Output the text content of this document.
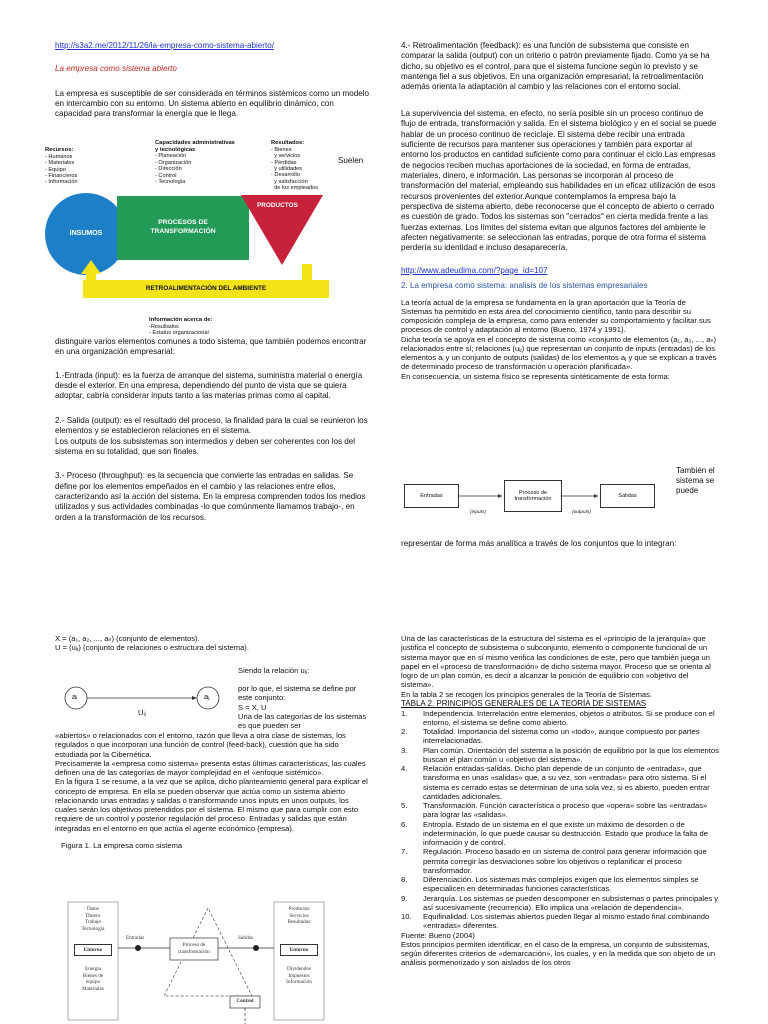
http://s3a2.me/2012/11/26/la-empresa-como-sistema-abierto/

La empresa como sistema abierto

La empresa es susceptible de ser considerada en términos sistémicos como un modelo en intercambio con su entorno. Un sistema abierto en equilibrio dinámico, con capacidad para transformar la energía que le llega.

Recursos:
- Humanos
- Materiales
- Equipo
- Financieros
- Información
Capacidades administrativas y tecnológicas
- Planeación
- Organización
- Dirección
- Control
- Tecnología
Resultados:
- Bienes
y servicios
- Pérdidas
y utilidades
- Desarrollo
y satisfacción
de los empleados
INSUMOS
PROCESOS DE
TRANSFORMACIÓN
PRODUCTOS
RETROALIMENTACIÓN DEL AMBIENTE
Información acerca de:
-Resultados
- Estatus organizacional
Suelen

distinguire varios elementos comunes a todo sistema, que también podemos encontrar en una organización empresarial:

1.-Entrada (input): es la fuerza de arranque del sistema, suministra material o energía desde el exterior. En una empresa, dependiendo del punto de vista que se quiera adoptar, cabría considerar inputs tanto a las materias primas como al capital.

2.- Salida (output): es el resultado del proceso, la finalidad para la cual se reunieron los elementos y se establecieron relaciones en el sistema.

Los outputs de los subsistemas son intermedios y deben ser coherentes con los del sistema en su totalidad, que son finales.

3.- Proceso (throughput): es la secuencia que convierte las entradas en salidas. Se define por los elementos empeñados en el cambio y las relaciones entre ellos, caracterizando así la acción del sistema. En la empresa comprenden todos los medios utilizados y sus actividades combinadas -lo que comúnmente llamamos trabajo-, en orden a la transformación de los recursos.

4.- Retroalimentación (feedback): es una función de subsistema que consiste en comparar la salida (output) con un criterio o patrón previamente fijado. Como ya se ha dicho, su objetivo es el control, para que el sistema funcione según lo previsto y se mantenga fiel a sus objetivos. En una organización empresarial, la retroalimentación además orienta la adaptación al cambio y las relaciones con el entorno social.

La supervivencia del sistema, en efecto, no sería posible sin un proceso continuo de flujo de entrada, transformación y salida. En el sistema biológico y en el social se puede hablar de un proceso continuo de reciclaje. El sistema debe recibir una entrada suficiente de recursos para mantener sus operaciones y también para exportar al entorno los productos en cantidad suficiente como para continuar el ciclo.Las empresas de negocios reciben muchas aportaciones de la sociedad, en forma de entradas, materiales, dinero, e información. Las personas se incorporan al proceso de transformación del material, empleando sus habilidades en un eficaz utilización de esos recursos provenientes del exterior.Aunque contemplamos la empresa bajo la perspectiva de sistema abierto, debe reconocerse que el concepto de abierto o cerrado es cuestión de grado. Todos los sistemas son "cerrados" en cierta medida frente a las fuerzas externas. Los límites del sistema evitan que algunos factores del ambiente le afecten negativamente: se seleccionan las entradas, porque de otra forma el sistema perdería su identidad e incluso desaparecería.

http://www.adeudima.com/?page_id=107

2. La empresa como sistema: analisis de los sistemas empresariales

La teoría actual de la empresa se fundamenta en la gran aportación que la Teoría de Sistemas ha permitido en esta área del conocimiento científico, tanto para describir su composición compleja de la empresa, como para entender su comportamiento y facilitar sus procesos de control y adaptación al entorno (Bueno, 1974 y 1991).
Dicha teoría se apoya en el concepto de sistema como «conjunto de elementos (a₁, a₂, ..., aₙ) relacionados entre sí; relaciones (uᵢⱼ) que representan un conjunto de inputs (entradas) de los elementos aᵢ y un conjunto de outputs (salidas) de los elementos aⱼ y que se explican a través de determinado proceso de transformación u operación planificada».
En consecuencia, un sistema físico se representa sintéticamente de esta forma:
Entradas
Proceso de transformación
Salidas
(inputs)	(outputs)
También el sistema se puede
representar de forma más analítica a través de los conjuntos que lo integran:
X = (a₁, a₂, ..., aₙ) (conjunto de elementos).
U = (uᵢⱼ) (conjunto de relaciones o estructura del sistema).
Siendo la relación uᵢⱼ:
aᵢ	aⱼ
Uᵢⱼ
por lo que, el sistema se define por este conjunto:
S = X, U
Una de las categorías de los sistemas es que pueden ser
«abiertos» o relacionados con el entorno, razón que lleva a otra clase de sistemas, los regulados o que incorporan una función de control (feed-back), cuestión que ha sido estudiada por la Cibernética.
Precisamente la «empresa como sistema» presenta estas últimas características, las cuales definen una de las categorías de mayor complejidad en el «enfoque sistémico».
En la figura 1 se resume, a la vez que se aplica, dicho planteamiento general para explicar el concepto de empresa. En ella se pueden observar que actúa como un sistema abierto relacionando unas entradas y salidas o transformando unos inputs en unos outputs, los cuales serán los objetivos pretendidos por el sistema. El mismo que para cumplir con esto requiere de un control y posterior regulación del proceso. Entradas y salidas que están integradas en el entorno en que actúa el agente económico (empresa).
Figura 1. La empresa como sistema
Datos
Dinero
Trabajo
Tecnología
Entorno
Energía
Bienes de
equipo
Materiales
Entradas
Proceso de
transformación
Salidas
Productos
Servicios
Resultados
Entorno
Dividendos
Impuestos
Información
Control
Una de las características de la estructura del sistema es el «principio de la jerarquía» que justifica el concepto de subsistema o subconjunto, elemento o componente funcional de un sistema mayor que en sí mismo verifica las condiciones de este, pero que también juega un papel en el «proceso de transformación» de dicho sistema mayor. Proceso que se orienta al logro de un plan común, es decir a alcanzar la posición de equilibrio con «objetivo del sistema».
En la tabla 2 se recogen los principios generales de la Teoría de Sistemas.
TABLA 2. PRINCIPIOS GENERALES DE LA TEORÍA DE SISTEMAS
1.	Independencia. Interrelación entre elementos, objetos o atributos. Si se produce con el entorno, el sistema se define como abierto.
2.	Totalidad. Importancia del sistema como un «todo», aunque compuesto por partes interrelacionadas.
3.	Plan común. Orientación del sistema a la posición de equilibrio por la que los elementos buscan el plan común u «objetivo del sistema».
4.	Relación entradas-salidas. Dicho plan depende de un conjunto de «entradas», que transforma en unas «salidas» que, a su vez, son «entradas» para otro sistema. Si el sistema es cerrado estas se determinan de una sola vez, si es abierto, pueden entrar cantidades adicionales.
5.	Transformación. Función característica o proceso que «opera» sobre las «entradas» para lograr las «salidas».
6.	Entropía. Estado de un sistema en el que existe un máximo de desorden o de indeterminación, lo que puede causar su destrucción. Estado que produce la falta de información y de control.
7.	Regulación. Proceso basado en un sistema de control para generar información que permita corregir las desviaciones sobre los objetivos o replanificar el proceso transformador.
8.	Diferenciación. Los sistemas más complejos exigen que los elementos simples se especialicen en determinadas funciones características.
9.	Jerarquía. Los sistemas se pueden descomponer en subsistemas o partes principales y así sucesivamente (recurrencia). Ello implica una «relación de dependencia».
10.	Equifinalidad. Los sistemas abiertos pueden llegar al mismo estado final combinando «entradas» diferentes.
Fuente: Bueno (2004)
Estos principios permiten identificar, en el caso de la empresa, un conjunto de subsistemas, según diferentes criterios de «demarcación», los cuales, y en la medida que son objeto de un análisis pormenorizado y son aislados de los otros
